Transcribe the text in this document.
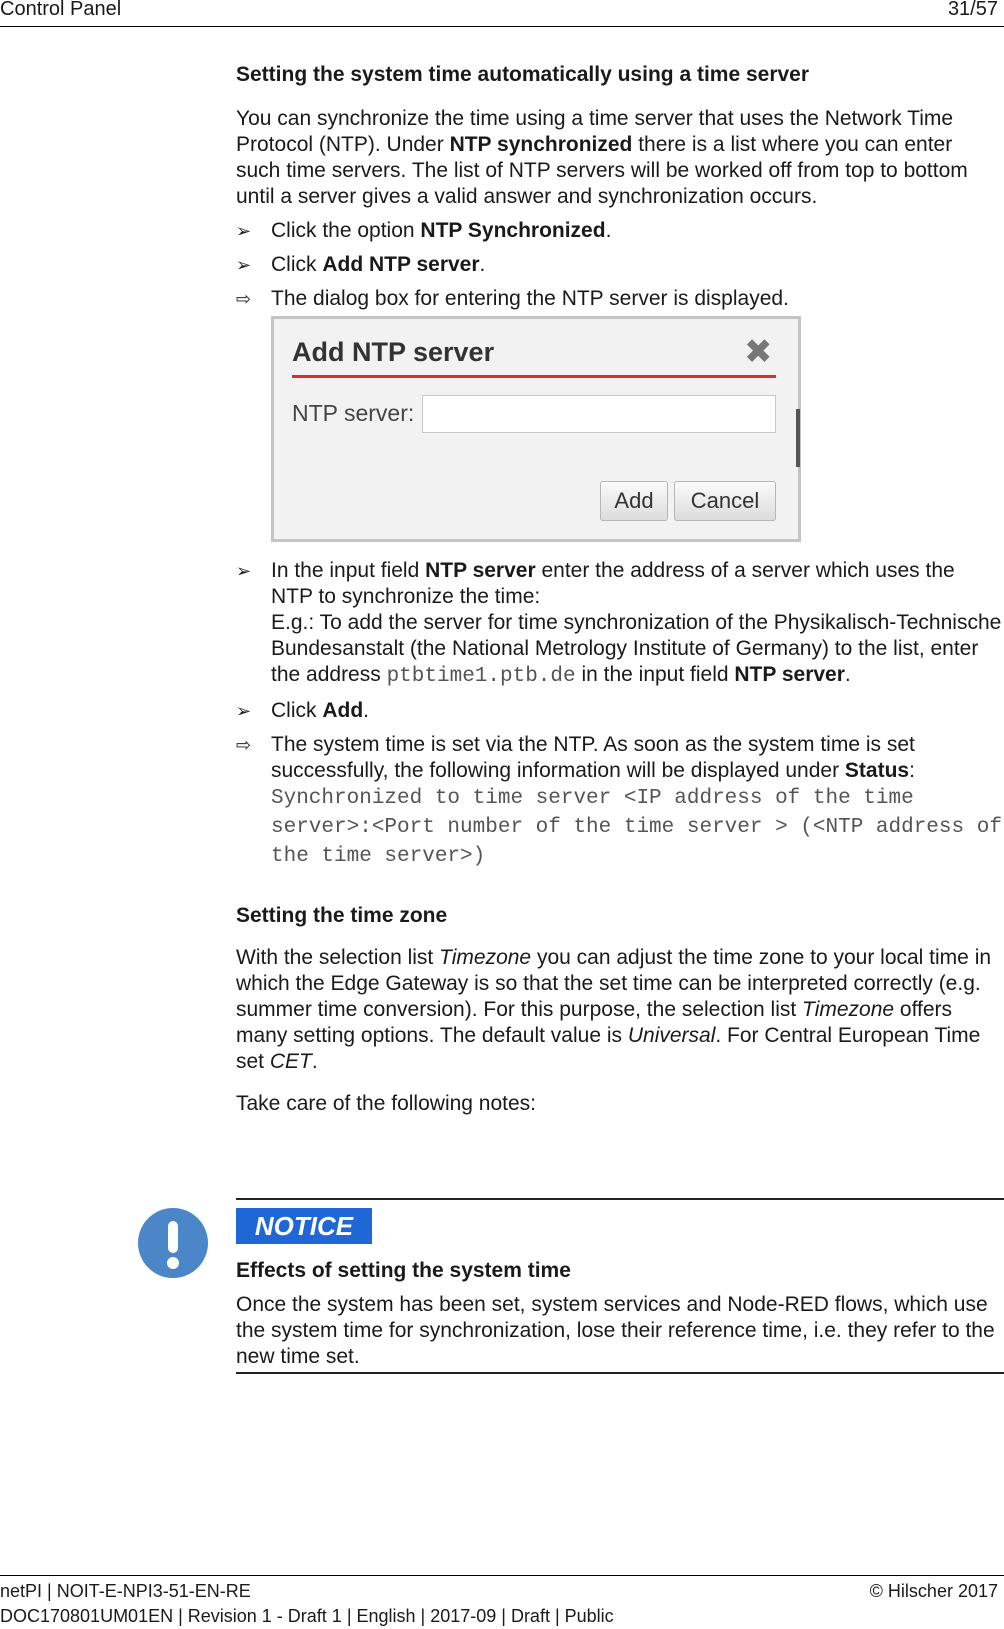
Control Panel	31/57
Setting the system time automatically using a time server

You can synchronize the time using a time server that uses the Network Time Protocol (NTP). Under NTP synchronized there is a list where you can enter such time servers. The list of NTP servers will be worked off from top to bottom until a server gives a valid answer and synchronization occurs.

➢ Click the option NTP Synchronized.
➢ Click Add NTP server.
⇨ The dialog box for entering the NTP server is displayed.
Add NTP server	✖
NTP server:
Add	Cancel
➢ In the input field NTP server enter the address of a server which uses the NTP to synchronize the time:
E.g.: To add the server for time synchronization of the Physikalisch-Technische Bundesanstalt (the National Metrology Institute of Germany) to the list, enter the address ptbtime1.ptb.de in the input field NTP server.
➢ Click Add.
⇨ The system time is set via the NTP. As soon as the system time is set successfully, the following information will be displayed under Status:
Synchronized to time server <IP address of the time server>:<Port number of the time server > (<NTP address of the time server>)
Setting the time zone

With the selection list Timezone you can adjust the time zone to your local time in which the Edge Gateway is so that the set time can be interpreted correctly (e.g. summer time conversion). For this purpose, the selection list Timezone offers many setting options. The default value is Universal. For Central European Time set CET.

Take care of the following notes:

NOTICE
Effects of setting the system time
Once the system has been set, system services and Node-RED flows, which use the system time for synchronization, lose their reference time, i.e. they refer to the new time set.
netPI | NOIT-E-NPI3-51-EN-RE	© Hilscher 2017
DOC170801UM01EN | Revision 1 - Draft 1 | English | 2017-09 | Draft | Public
